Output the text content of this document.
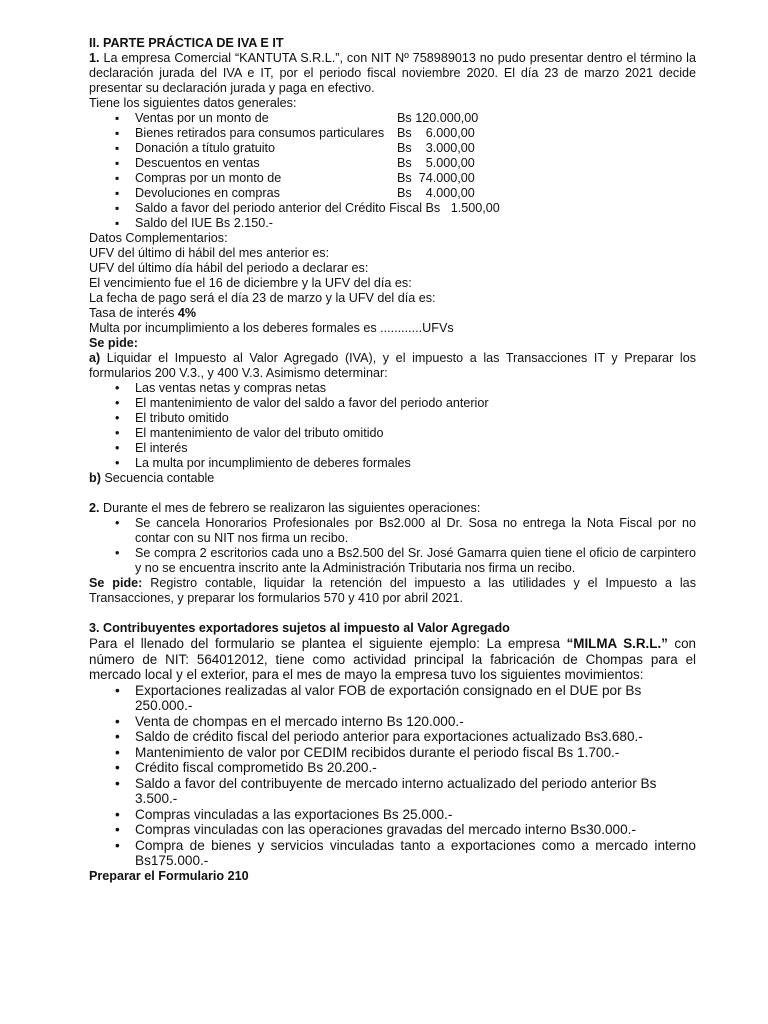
II. PARTE PRÁCTICA DE IVA E IT

1. La empresa Comercial “KANTUTA S.R.L.”, con NIT Nº 758989013 no pudo presentar dentro el término la declaración jurada del IVA e IT, por el periodo fiscal noviembre 2020. El día 23 de marzo 2021 decide presentar su declaración jurada y paga en efectivo.

Tiene los siguientes datos generales:

▪ Ventas por un monto de	Bs 120.000,00
▪ Bienes retirados para consumos particulares	Bs    6.000,00
▪ Donación a título gratuito	Bs    3.000,00
▪ Descuentos en ventas	Bs    5.000,00
▪ Compras por un monto de	Bs  74.000,00
▪ Devoluciones en compras	Bs    4.000,00
▪ Saldo a favor del periodo anterior del Crédito Fiscal Bs   1.500,00
▪ Saldo del IUE Bs 2.150.-

Datos Complementarios:

UFV del último di hábil del mes anterior es:

UFV del último día hábil del periodo a declarar es:

El vencimiento fue el 16 de diciembre y la UFV del día es:

La fecha de pago será el día 23 de marzo y la UFV del día es:

Tasa de interés 4%

Multa por incumplimiento a los deberes formales es ............UFVs

Se pide:

a) Liquidar el Impuesto al Valor Agregado (IVA), y el impuesto a las Transacciones IT y Preparar los formularios 200 V.3., y 400 V.3. Asimismo determinar:

• Las ventas netas y compras netas
• El mantenimiento de valor del saldo a favor del periodo anterior
• El tributo omitido
• El mantenimiento de valor del tributo omitido
• El interés
• La multa por incumplimiento de deberes formales

b) Secuencia contable

2. Durante el mes de febrero se realizaron las siguientes operaciones:

• Se cancela Honorarios Profesionales por Bs2.000 al Dr. Sosa no entrega la Nota Fiscal por no contar con su NIT nos firma un recibo.
• Se compra 2 escritorios cada uno a Bs2.500 del Sr. José Gamarra quien tiene el oficio de carpintero y no se encuentra inscrito ante la Administración Tributaria nos firma un recibo.

Se pide: Registro contable, liquidar la retención del impuesto a las utilidades y el Impuesto a las Transacciones, y preparar los formularios 570 y 410 por abril 2021.

3. Contribuyentes exportadores sujetos al impuesto al Valor Agregado

Para el llenado del formulario se plantea el siguiente ejemplo: La empresa “MILMA S.R.L.” con número de NIT: 564012012, tiene como actividad principal la fabricación de Chompas para el mercado local y el exterior, para el mes de mayo la empresa tuvo los siguientes movimientos:

• Exportaciones realizadas al valor FOB de exportación consignado en el DUE por Bs 250.000.-
• Venta de chompas en el mercado interno Bs 120.000.-
• Saldo de crédito fiscal del periodo anterior para exportaciones actualizado Bs3.680.-
• Mantenimiento de valor por CEDIM recibidos durante el periodo fiscal Bs 1.700.-
• Crédito fiscal comprometido Bs 20.200.-
• Saldo a favor del contribuyente de mercado interno actualizado del periodo anterior Bs 3.500.-
• Compras vinculadas a las exportaciones Bs 25.000.-
• Compras vinculadas con las operaciones gravadas del mercado interno Bs30.000.-
• Compra de bienes y servicios vinculadas tanto a exportaciones como a mercado interno Bs175.000.-

Preparar el Formulario 210
